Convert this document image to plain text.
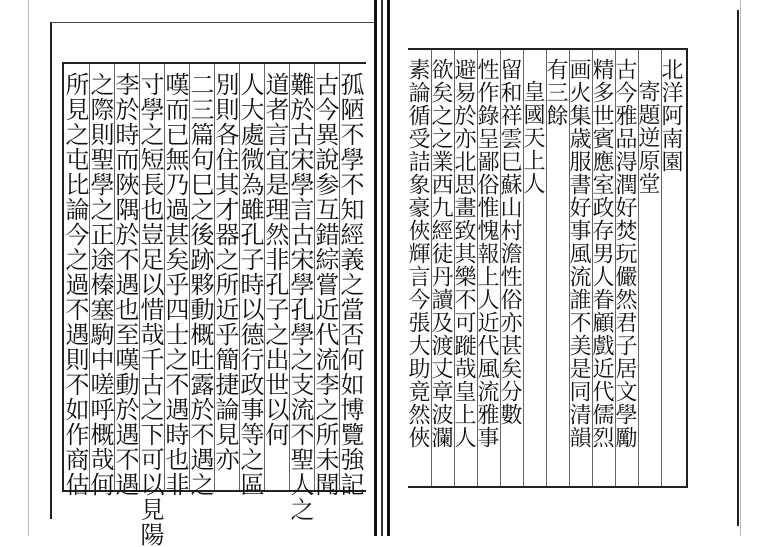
孤陋不學不知經義之當否何如博覽強記
古今異說参互錯綜嘗近代流李之所未聞
難於古宋學言古宋學孔學之支流不聖人之
道者言宜是理然非孔子之出世以何
人大處微為雖孔子時以德行政事等之區
別則各住其才器之所近乎簡捷論見亦
二三篇句巳之後跡夥動概吐露於不遇之
嘆而已無乃過甚矣乎四士之不遇時也非
寸學之短長也豈足以惜哉千古之下可以見陽
李於時而陜隅於不遇也至嘆動於遇不遇
之際則聖學之正途榛塞駒中嗟呼概哉何
所見之屯比論今之過不遇則不如作商估	北洋阿南園
寄題逆原堂
古今雅品淂潤好焚玩儼然君子居文學勵
精多世賓應室政存男人眷顧戲近代儒烈
画火集歳服書好事風流誰不美是同清韻
有三餘
皇國天上人
留和祥雲巳蘇山村澹性俗亦甚矣分數
性作錄呈鄙俗惟愧報上人近代風流雅事
避易於亦北思畫致其樂不可蹝哉皇上人
欲矣之之業西九經徒丹讀及渡丈章波瀾
素論循受詰象豪俠輝言今張大助竟然俠
